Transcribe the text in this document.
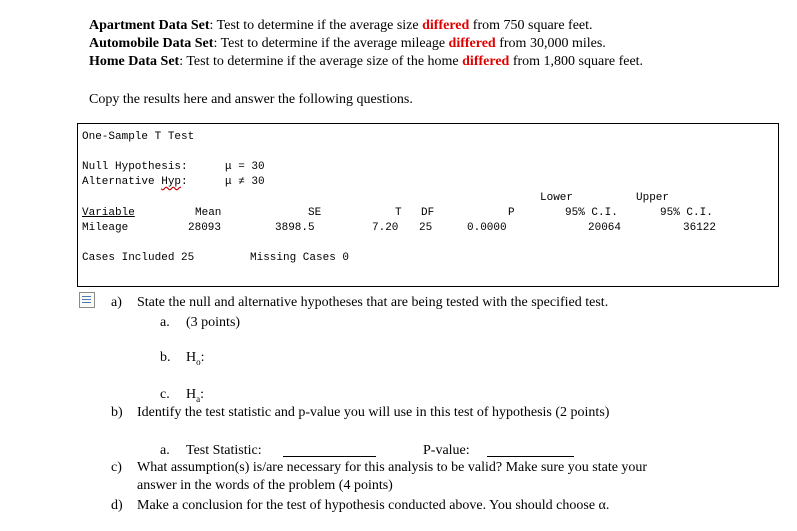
Apartment Data Set: Test to determine if the average size differed from 750 square feet.
Automobile Data Set: Test to determine if the average mileage differed from 30,000 miles.
Home Data Set: Test to determine if the average size of the home differed from 1,800 square feet.
Copy the results here and answer the following questions.
One-Sample T Test
Null Hypothesis:	μ = 30
Alternative Hyp:	μ ≠ 30
Lower	Upper
Variable	Mean	SE	T DF	P	95% C.I.	95% C.I.
Mileage	28093	3898.5	7.20 25	0.0000	20064	36122
Cases Included 25	Missing Cases 0
a) State the null and alternative hypotheses that are being tested with the specified test.
a. (3 points)
b. $H_o$:
c. $H_a$:
b) Identify the test statistic and p-value you will use in this test of hypothesis (2 points)
a. Test Statistic:	P-value:
c) What assumption(s) is/are necessary for this analysis to be valid? Make sure you state your
answer in the words of the problem (4 points)
d) Make a conclusion for the test of hypothesis conducted above. You should choose α.
